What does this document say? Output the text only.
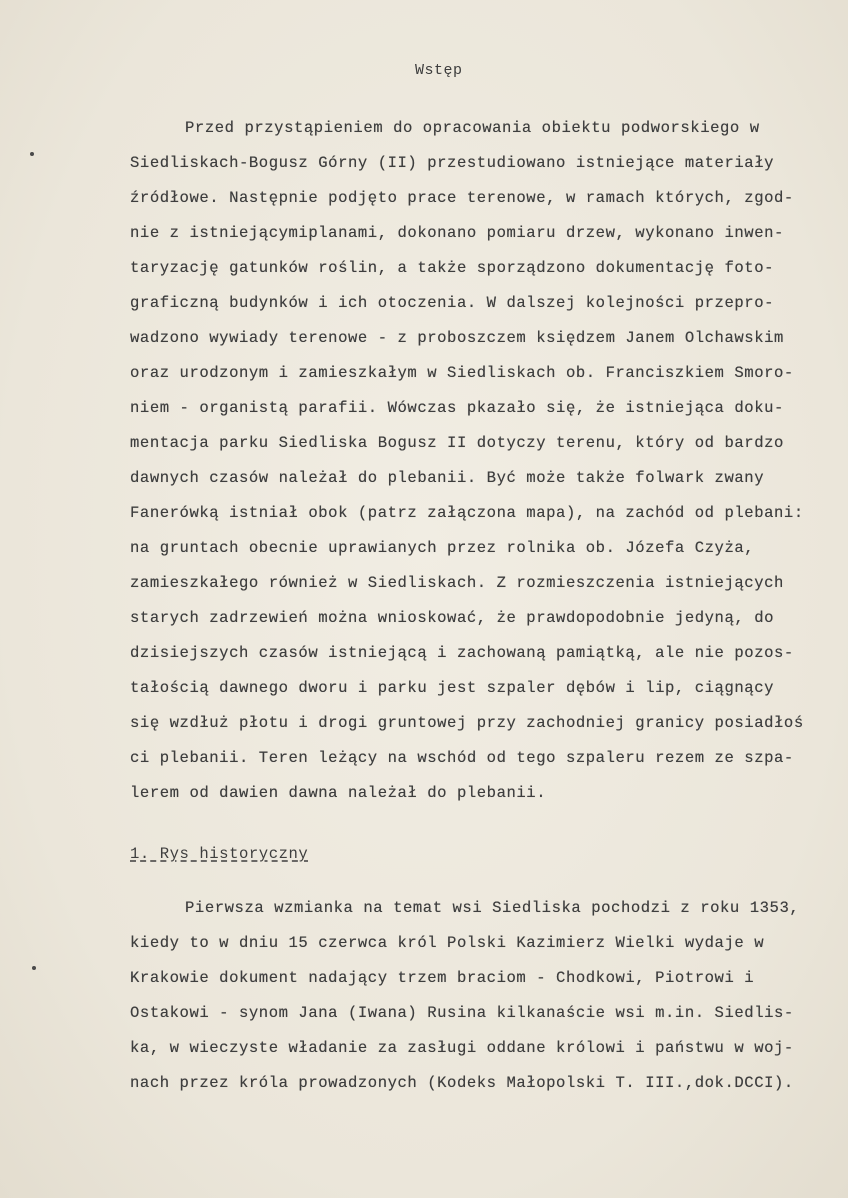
Wstęp
Przed przystąpieniem do opracowania obiektu podworskiego w
Siedliskach-Bogusz Górny (II) przestudiowano istniejące materiały
źródłowe. Następnie podjęto prace terenowe, w ramach których, zgod-
nie z istniejącymiplanami, dokonano pomiaru drzew, wykonano inwen-
taryzację gatunków roślin, a także sporządzono dokumentację foto-
graficzną budynków i ich otoczenia. W dalszej kolejności przepro-
wadzono wywiady terenowe - z proboszczem księdzem Janem Olchawskim
oraz urodzonym i zamieszkałym w Siedliskach ob. Franciszkiem Smoro-
niem - organistą parafii. Wówczas pkazało się, że istniejąca doku-
mentacja parku Siedliska Bogusz II dotyczy terenu, który od bardzo
dawnych czasów należał do plebanii. Być może także folwark zwany
Fanerówką istniał obok (patrz załączona mapa), na zachód od plebani:
na gruntach obecnie uprawianych przez rolnika ob. Józefa Czyża,
zamieszkałego również w Siedliskach. Z rozmieszczenia istniejących
starych zadrzewień można wnioskować, że prawdopodobnie jedyną, do
dzisiejszych czasów istniejącą i zachowaną pamiątką, ale nie pozos-
tałością dawnego dworu i parku jest szpaler dębów i lip, ciągnący
się wzdłuż płotu i drogi gruntowej przy zachodniej granicy posiadłoś
ci plebanii. Teren leżący na wschód od tego szpaleru rezem ze szpa-
lerem od dawien dawna należał do plebanii.
1. Rys historyczny
Pierwsza wzmianka na temat wsi Siedliska pochodzi z roku 1353,
kiedy to w dniu 15 czerwca król Polski Kazimierz Wielki wydaje w
Krakowie dokument nadający trzem braciom - Chodkowi, Piotrowi i
Ostakowi - synom Jana (Iwana) Rusina kilkanaście wsi m.in. Siedlis-
ka, w wieczyste władanie za zasługi oddane królowi i państwu w woj-
nach przez króla prowadzonych (Kodeks Małopolski T. III.,dok.DCCI).
